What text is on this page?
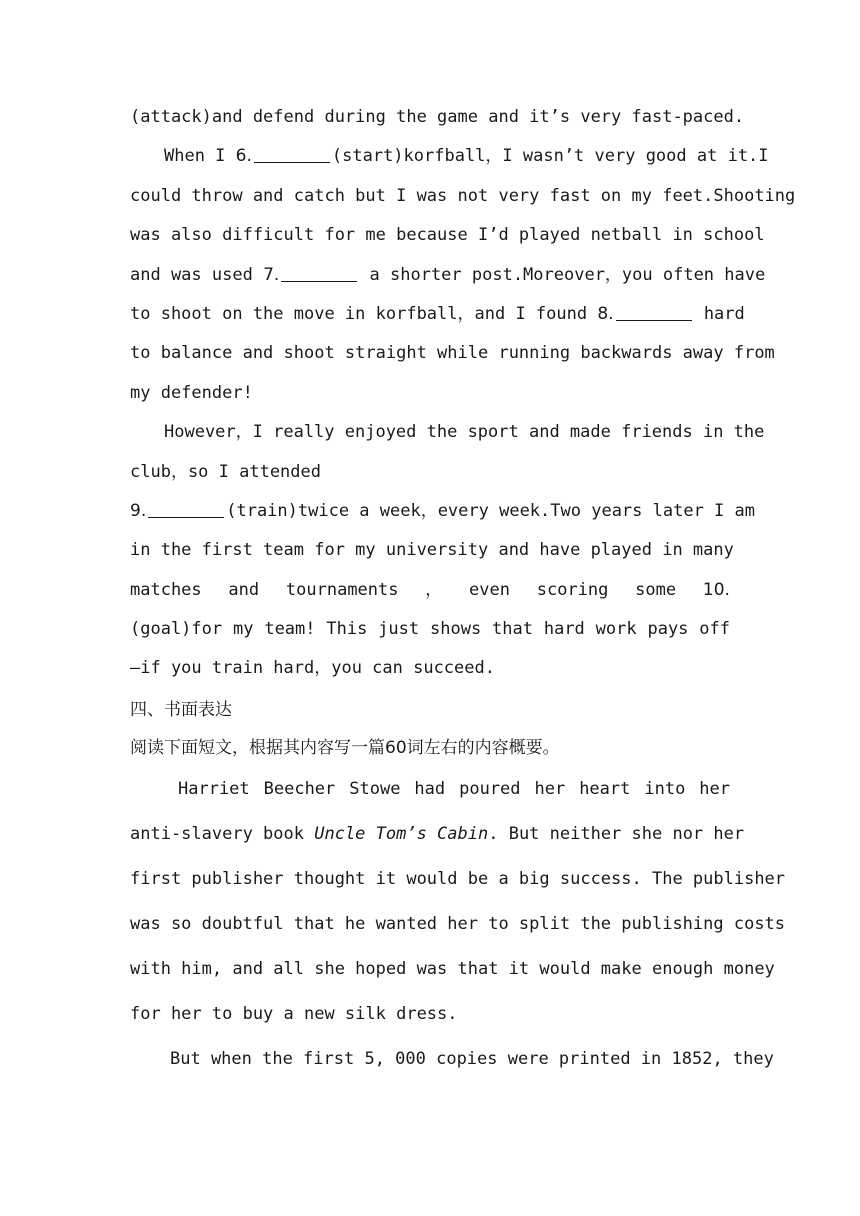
(attack)and defend during the game and it’s very fast-paced.
When I 6.	(start)korfball，I wasn’t very good at it.I
could throw and catch but I was not very fast on my feet.Shooting
was also difficult for me because I’d played netball in school
and was used 7.	a shorter post.Moreover，you often have
to shoot on the move in korfball，and I found 8.	hard
to balance and shoot straight while running backwards away from
my defender!
However，I really enjoyed the sport and made friends in the
club，so I attended
9.	(train)twice a week，every week.Two years later I am
in the first team for my university and have played in many
matches and tournaments ， even scoring some 10.
(goal)for my team! This just shows that hard work pays off
—if you train hard，you can succeed.
四、书面表达
阅读下面短文，根据其内容写一篇60词左右的内容概要。
Harriet Beecher Stowe had poured her heart into her
anti-slavery book Uncle Tom’s Cabin. But neither she nor her
first publisher thought it would be a big success. The publisher
was so doubtful that he wanted her to split the publishing costs
with him, and all she hoped was that it would make enough money
for her to buy a new silk dress.
But when the first 5, 000 copies were printed in 1852, they
